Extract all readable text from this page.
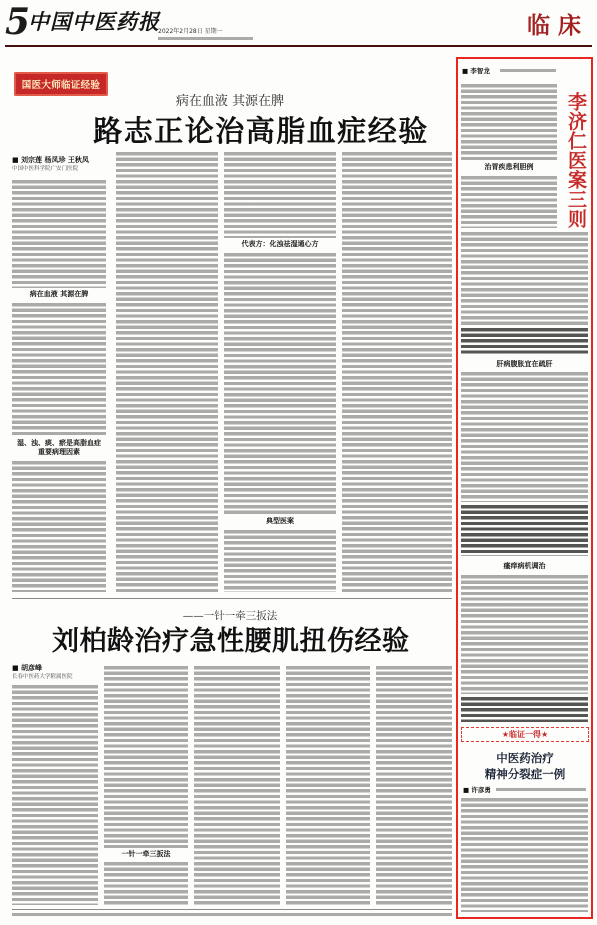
5
中国中医药报
2022年2月28日 星期一	临床
国医大师临证经验
病在血液 其源在脾
路志正论治高脂血症经验
■ 刘宗莲 杨凤珍 王秋凤
中国中医科学院广安门医院
病在血液 其源在脾
湿、浊、痰、瘀是高脂血症
重要病理因素
代表方：化浊祛湿通心方
典型医案
——一针一牵三扳法
刘柏龄治疗急性腰肌扭伤经验
■ 胡彦峰
长春中医药大学附属医院
一针一牵三扳法
■ 李智龙
李济仁医案三则
治胃疾患利胆例
肝病腹胀宜在疏肝
瘙痒病机调治
★临证一得★
中医药治疗
精神分裂症一例
■ 许彦勇
